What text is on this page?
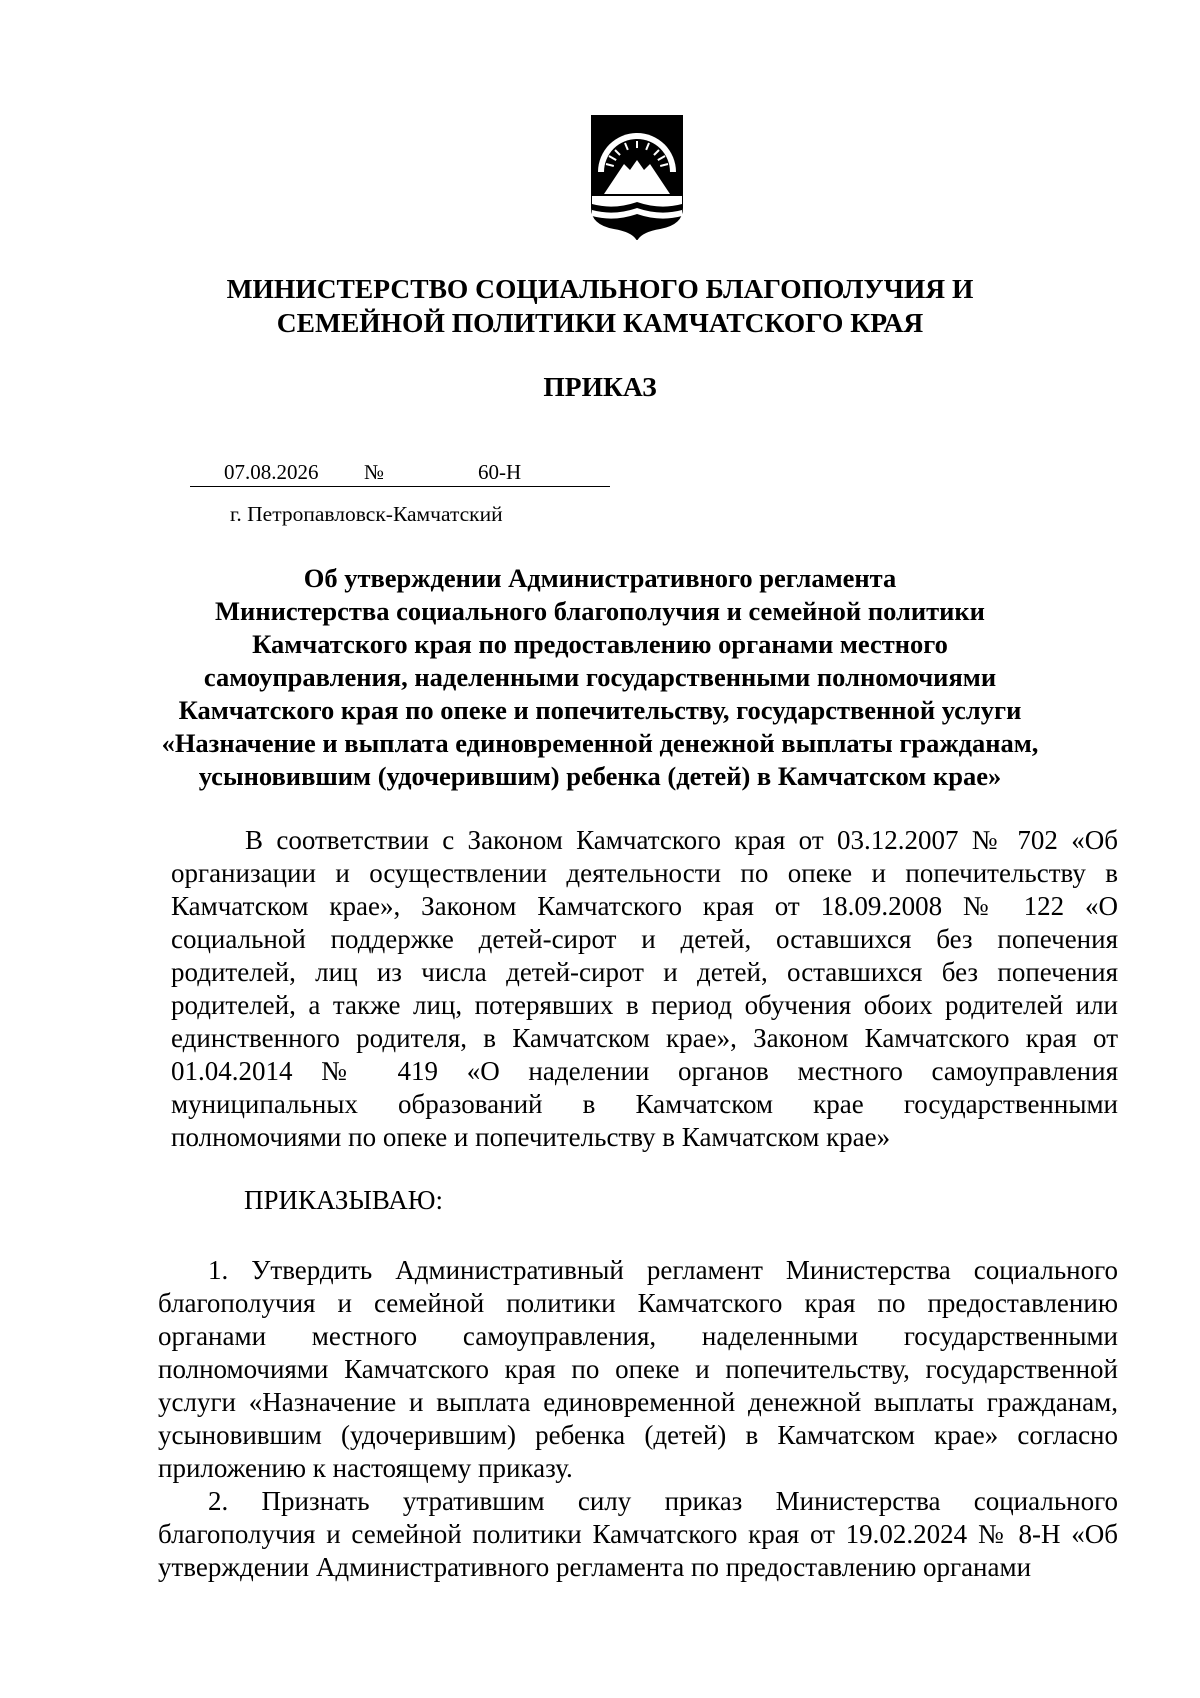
МИНИСТЕРСТВО СОЦИАЛЬНОГО БЛАГОПОЛУЧИЯ И
СЕМЕЙНОЙ ПОЛИТИКИ КАМЧАТСКОГО КРАЯ
ПРИКАЗ
07.08.2026 №	60-Н
г. Петропавловск-Камчатский
Об утверждении Административного регламента
Министерства социального благополучия и семейной политики
Камчатского края по предоставлению органами местного
самоуправления, наделенными государственными полномочиями
Камчатского края по опеке и попечительству, государственной услуги
«Назначение и выплата единовременной денежной выплаты гражданам,
усыновившим (удочерившим) ребенка (детей) в Камчатском крае»

В соответствии с Законом Камчатского края от 03.12.2007 № 702 «Об организации и осуществлении деятельности по опеке и попечительству в Камчатском крае», Законом Камчатского края от 18.09.2008 № 122 «О социальной поддержке детей-сирот и детей, оставшихся без попечения родителей, лиц из числа детей-сирот и детей, оставшихся без попечения родителей, а также лиц, потерявших в период обучения обоих родителей или единственного родителя, в Камчатском крае», Законом Камчатского края от 01.04.2014 № 419 «О наделении органов местного самоуправления муниципальных образований в Камчатском крае государственными полномочиями по опеке и попечительству в Камчатском крае»

ПРИКАЗЫВАЮ:

1. Утвердить Административный регламент Министерства социального благополучия и семейной политики Камчатского края по предоставлению органами местного самоуправления, наделенными государственными полномочиями Камчатского края по опеке и попечительству, государственной услуги «Назначение и выплата единовременной денежной выплаты гражданам, усыновившим (удочерившим) ребенка (детей) в Камчатском крае» согласно приложению к настоящему приказу.

2. Признать утратившим силу приказ Министерства социального благополучия и семейной политики Камчатского края от 19.02.2024 № 8-Н «Об утверждении Административного регламента по предоставлению органами
